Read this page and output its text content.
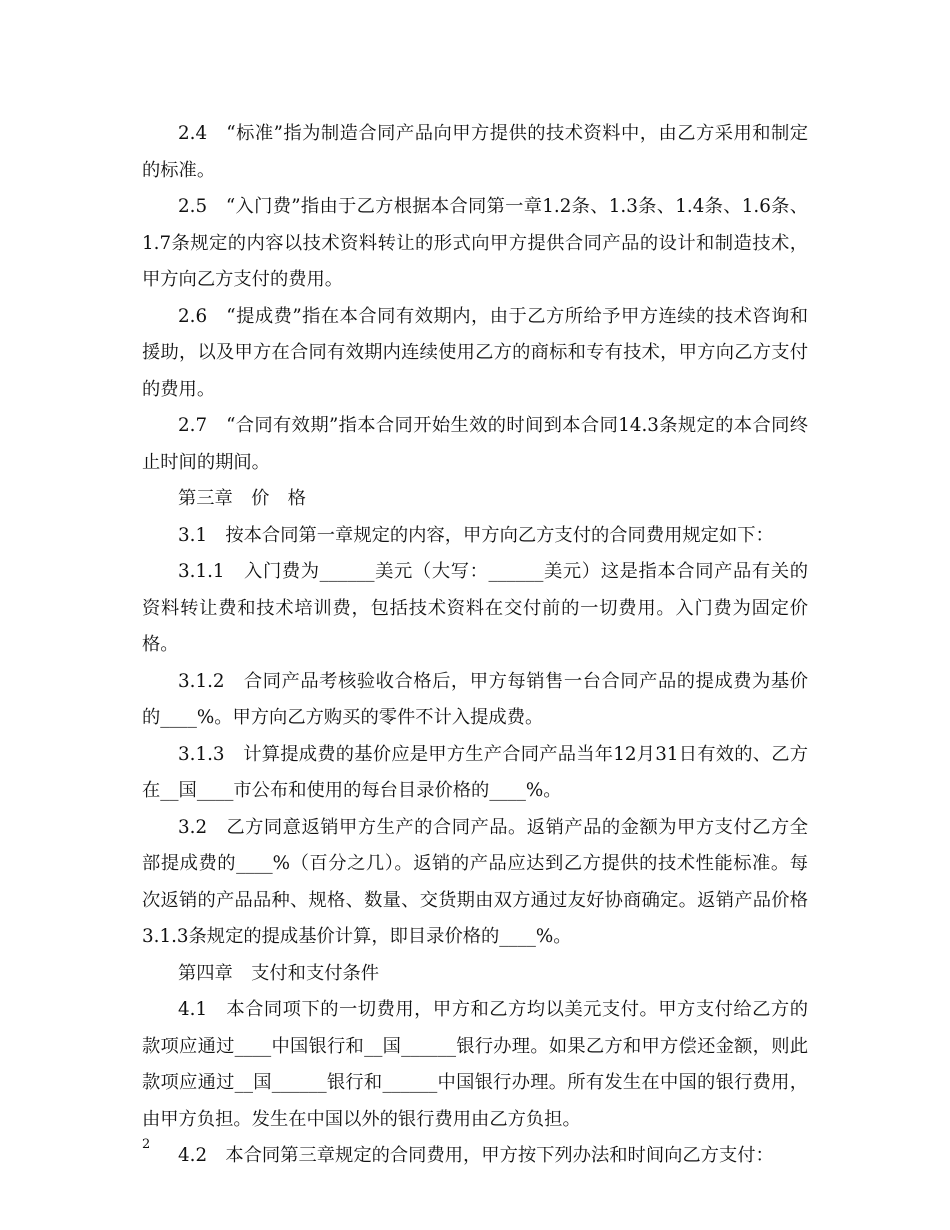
2.4　“标准”指为制造合同产品向甲方提供的技术资料中，由乙方采用和制定的标准。

2.5　“入门费”指由于乙方根据本合同第一章1.2条、1.3条、1.4条、1.6条、1.7条规定的内容以技术资料转让的形式向甲方提供合同产品的设计和制造技术，甲方向乙方支付的费用。

2.6　“提成费”指在本合同有效期内，由于乙方所给予甲方连续的技术咨询和援助，以及甲方在合同有效期内连续使用乙方的商标和专有技术，甲方向乙方支付的费用。

2.7　“合同有效期”指本合同开始生效的时间到本合同14.3条规定的本合同终止时间的期间。

第三章　价　格

3.1　按本合同第一章规定的内容，甲方向乙方支付的合同费用规定如下：

3.1.1　入门费为______美元（大写：______美元）这是指本合同产品有关的资料转让费和技术培训费，包括技术资料在交付前的一切费用。入门费为固定价格。

3.1.2　合同产品考核验收合格后，甲方每销售一台合同产品的提成费为基价的____%。甲方向乙方购买的零件不计入提成费。

3.1.3　计算提成费的基价应是甲方生产合同产品当年12月31日有效的、乙方在__国____市公布和使用的每台目录价格的____%。

3.2　乙方同意返销甲方生产的合同产品。返销产品的金额为甲方支付乙方全部提成费的____%（百分之几）。返销的产品应达到乙方提供的技术性能标准。每次返销的产品品种、规格、数量、交货期由双方通过友好协商确定。返销产品价格3.1.3条规定的提成基价计算，即目录价格的____%。

第四章　支付和支付条件

4.1　本合同项下的一切费用，甲方和乙方均以美元支付。甲方支付给乙方的款项应通过____中国银行和__国______银行办理。如果乙方和甲方偿还金额，则此款项应通过__国______银行和______中国银行办理。所有发生在中国的银行费用，由甲方负担。发生在中国以外的银行费用由乙方负担。

4.2　本合同第三章规定的合同费用，甲方按下列办法和时间向乙方支付：

2
